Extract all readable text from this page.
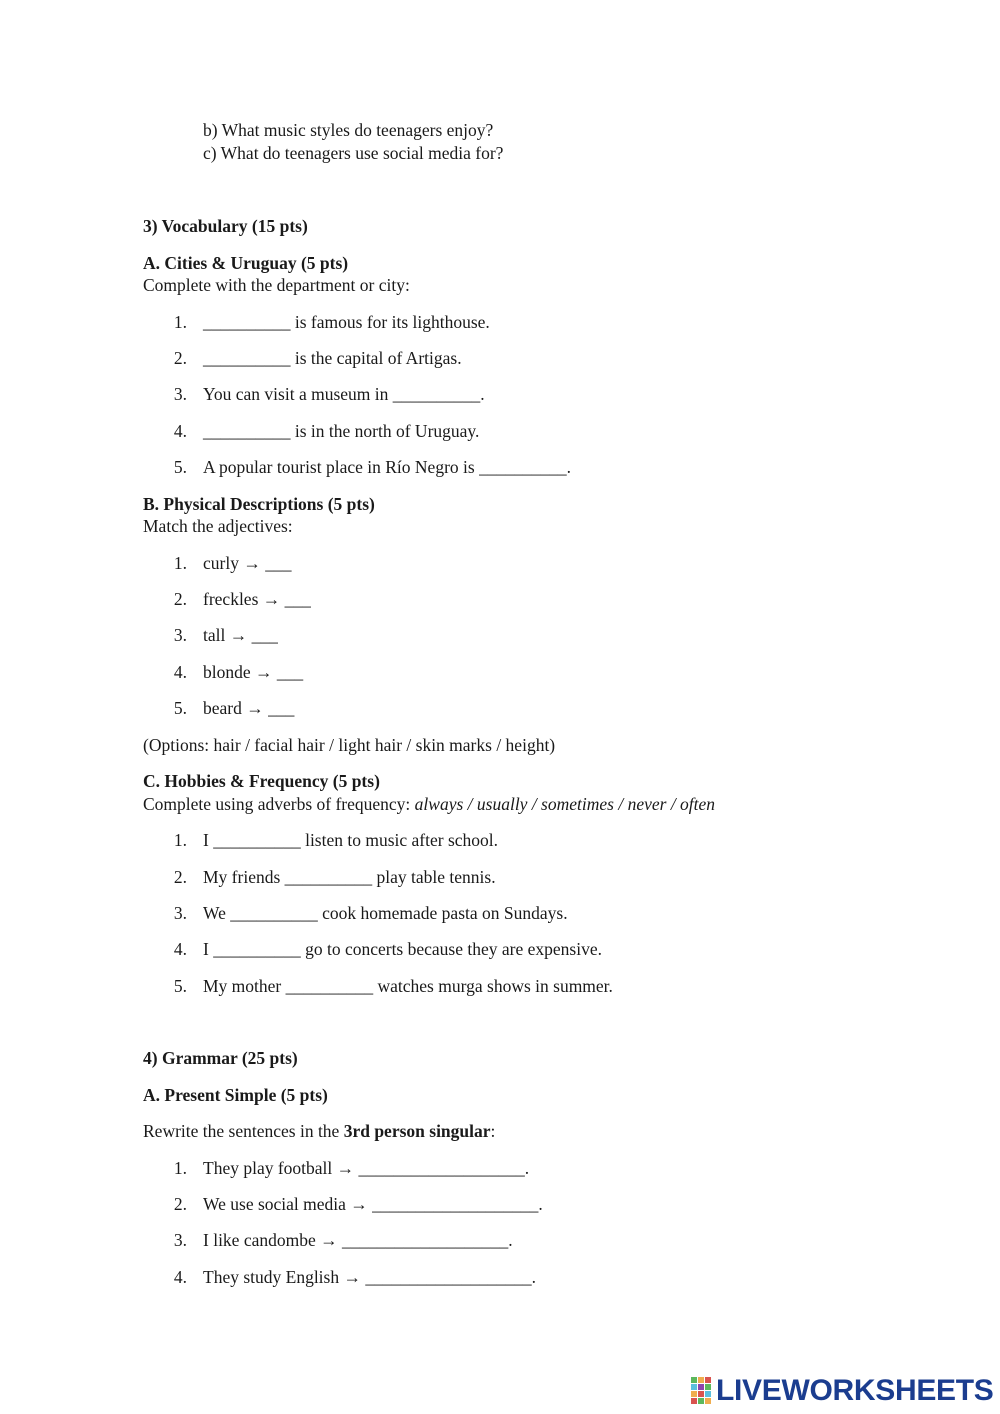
b) What music styles do teenagers enjoy?
c) What do teenagers use social media for?
3) Vocabulary (15 pts)
A. Cities & Uruguay (5 pts)
Complete with the department or city:
1. __________ is famous for its lighthouse.
2. __________ is the capital of Artigas.
3. You can visit a museum in __________.
4. __________ is in the north of Uruguay.
5. A popular tourist place in Río Negro is __________.
B. Physical Descriptions (5 pts)
Match the adjectives:
1. curly → ___
2. freckles → ___
3. tall → ___
4. blonde → ___
5. beard → ___
(Options: hair / facial hair / light hair / skin marks / height)
C. Hobbies & Frequency (5 pts)
Complete using adverbs of frequency: always / usually / sometimes / never / often
1. I __________ listen to music after school.
2. My friends __________ play table tennis.
3. We __________ cook homemade pasta on Sundays.
4. I __________ go to concerts because they are expensive.
5. My mother __________ watches murga shows in summer.
4) Grammar (25 pts)
A. Present Simple (5 pts)
Rewrite the sentences in the 3rd person singular:
1. They play football → ___________________.
2. We use social media → ___________________.
3. I like candombe → ___________________.
4. They study English → ___________________.
LIVEWORKSHEETS
